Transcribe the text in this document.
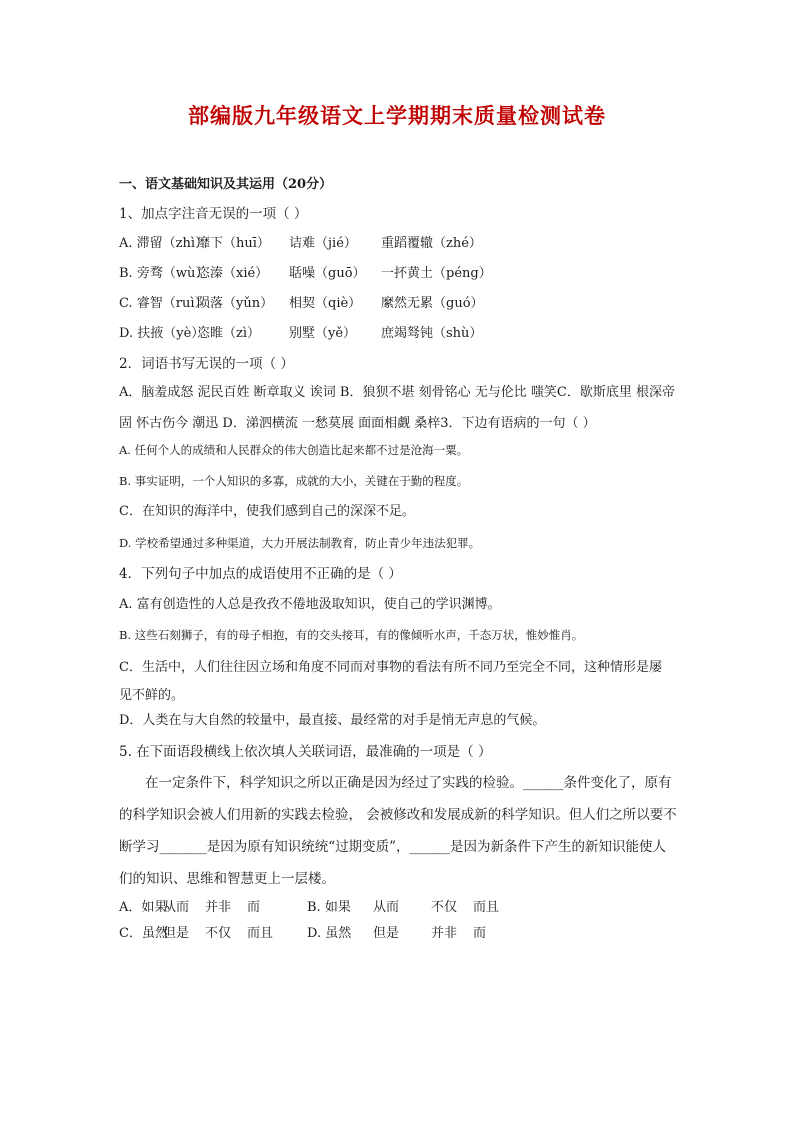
部编版九年级语文上学期期末质量检测试卷

一、语文基础知识及其运用（20分）

1、加点字注音无误的一项（ ）

A. 滞留（zhì）靡下（huī） 诘难（jié） 重蹈覆辙（zhé）

B. 旁骛（wù）恣溱（xié） 聒噪（guō） 一抔黄土（péng）

C. 睿智（ruì）陨落（yǔn） 相契（qiè） 縻然无累（guó）

D. 扶掖（yè）恣睢（zì） 别墅（yě） 庶竭驽钝（shù）

2．词语书写无误的一项（ ）

A．脑羞成怒 泥民百姓 断章取义 诶词 B．狼狈不堪 刻骨铭心 无与伦比 嗤笑C．歇斯底里 根深帝固 怀古伤今 潮迅 D．涕泗横流 一愁莫展 面面相觑 桑梓3．下边有语病的一句（ ）

A. 任何个人的成绩和人民群众的伟大创造比起来都不过是沧海一粟。

B. 事实证明，一个人知识的多寡，成就的大小，关键在于勤的程度。

C．在知识的海洋中，使我们感到自己的深深不足。

D. 学校希望通过多种渠道，大力开展法制教育，防止青少年违法犯罪。

4．下列句子中加点的成语使用不正确的是（ ）

A. 富有创造性的人总是孜孜不倦地汲取知识，使自己的学识渊博。

B. 这些石刻狮子，有的母子相抱，有的交头接耳，有的像倾听水声，千态万状，惟妙惟肖。

C．生活中，人们往往因立场和角度不同而对事物的看法有所不同乃至完全不同，这种情形是屡 见不鲜的。

D．人类在与大自然的较量中，最直接、最经常的对手是悄无声息的气候。

5. 在下面语段横线上依次填人关联词语，最准确的一项是（ ）

在一定条件下，科学知识之所以正确是因为经过了实践的检验。______条件变化了，原有的科学知识会被人们用新的实践去检验， 会被修改和发展成新的科学知识。但人们之所以要不断学习_______是因为原有知识统统“过期变质”，______是因为新条件下产生的新知识能使人们的知识、思维和智慧更上一层楼。

A．如果从而 并非 而	B. 如果 从而 不仅 而且

C．虽然但是 不仅 而且	D. 虽然 但是 并非 而
